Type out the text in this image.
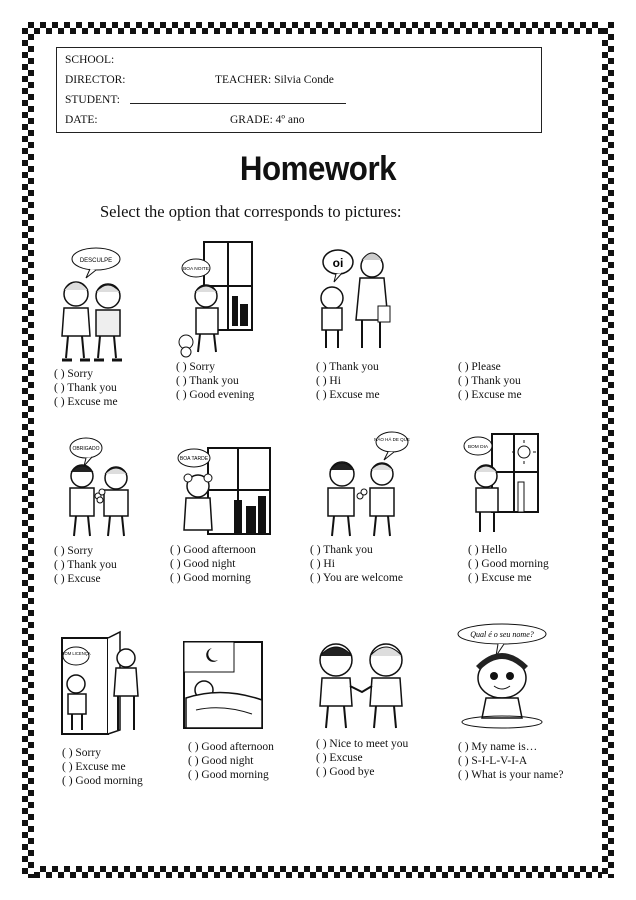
SCHOOL:
DIRECTOR:	TEACHER: Silvia Conde
STUDENT:
DATE:	GRADE: 4º ano
Homework
Select the option that corresponds to pictures:
DESCULPE
BOA NOITE	oi
OBRIGADO
BOA TARDE
NÃO HÁ DE QUE
BOM DIA
COM LICENÇA
Qual é o seu nome?
( ) Sorry
( ) Thank you
( ) Excuse me
( ) Sorry
( ) Thank you
( ) Good evening
( ) Thank you
( ) Hi
( ) Excuse me
( ) Please
( ) Thank you
( ) Excuse me
( ) Sorry
( ) Thank you
( ) Excuse
( ) Good afternoon
( ) Good night
( ) Good morning
( ) Thank you
( ) Hi
( ) You are welcome
( ) Hello
( ) Good morning
( ) Excuse me
( ) Sorry
( ) Excuse me
( ) Good morning
( ) Good afternoon
( ) Good night
( ) Good morning
( ) Nice to meet you
( ) Excuse
( ) Good bye
( ) My name is…
( ) S-I-L-V-I-A
( ) What is your name?
